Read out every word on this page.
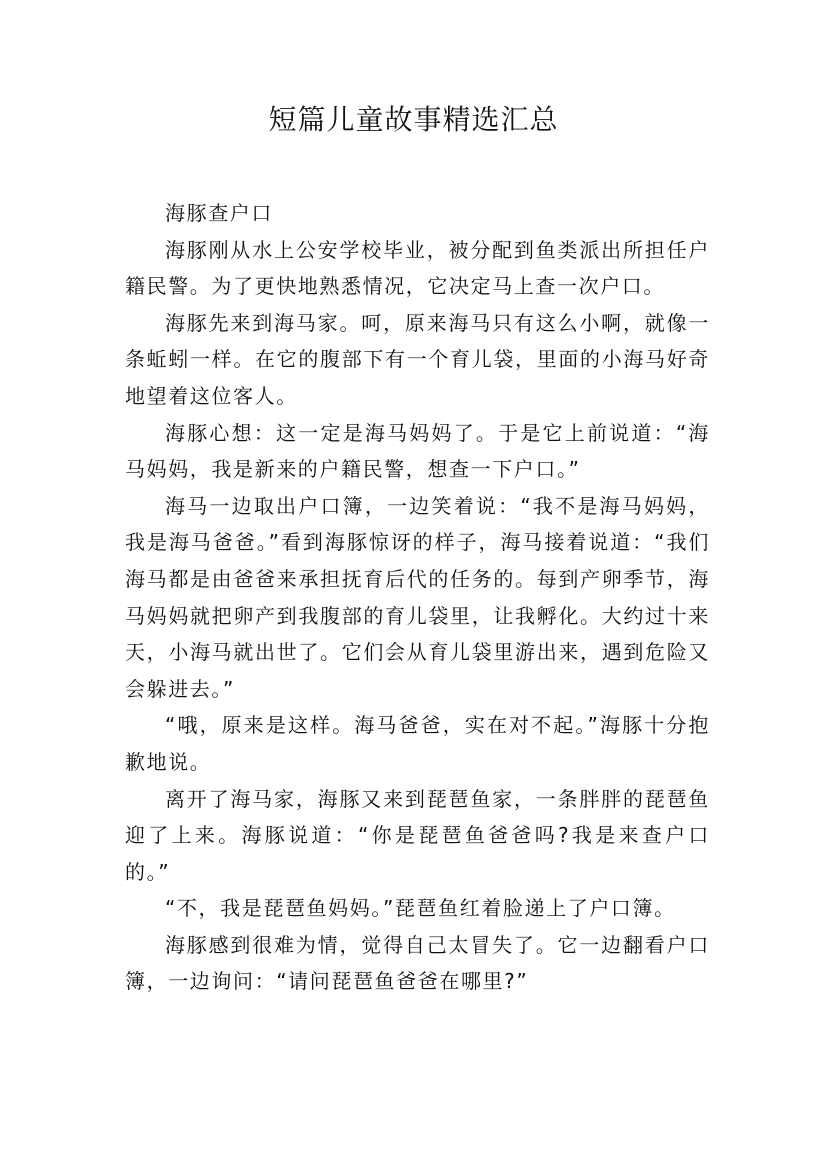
短篇儿童故事精选汇总

海豚查户口

海豚刚从水上公安学校毕业，被分配到鱼类派出所担任户籍民警。为了更快地熟悉情况，它决定马上查一次户口。

海豚先来到海马家。呵，原来海马只有这么小啊，就像一条蚯蚓一样。在它的腹部下有一个育儿袋，里面的小海马好奇地望着这位客人。

海豚心想：这一定是海马妈妈了。于是它上前说道：“海马妈妈，我是新来的户籍民警，想查一下户口。”

海马一边取出户口簿，一边笑着说：“我不是海马妈妈，我是海马爸爸。”看到海豚惊讶的样子，海马接着说道：“我们海马都是由爸爸来承担抚育后代的任务的。每到产卵季节，海马妈妈就把卵产到我腹部的育儿袋里，让我孵化。大约过十来天，小海马就出世了。它们会从育儿袋里游出来，遇到危险又会躲进去。”

“哦，原来是这样。海马爸爸，实在对不起。”海豚十分抱歉地说。

离开了海马家，海豚又来到琵琶鱼家，一条胖胖的琵琶鱼迎了上来。海豚说道：“你是琵琶鱼爸爸吗?我是来查户口的。”

“不，我是琵琶鱼妈妈。”琵琶鱼红着脸递上了户口簿。

海豚感到很难为情，觉得自己太冒失了。它一边翻看户口簿，一边询问：“请问琵琶鱼爸爸在哪里?”
